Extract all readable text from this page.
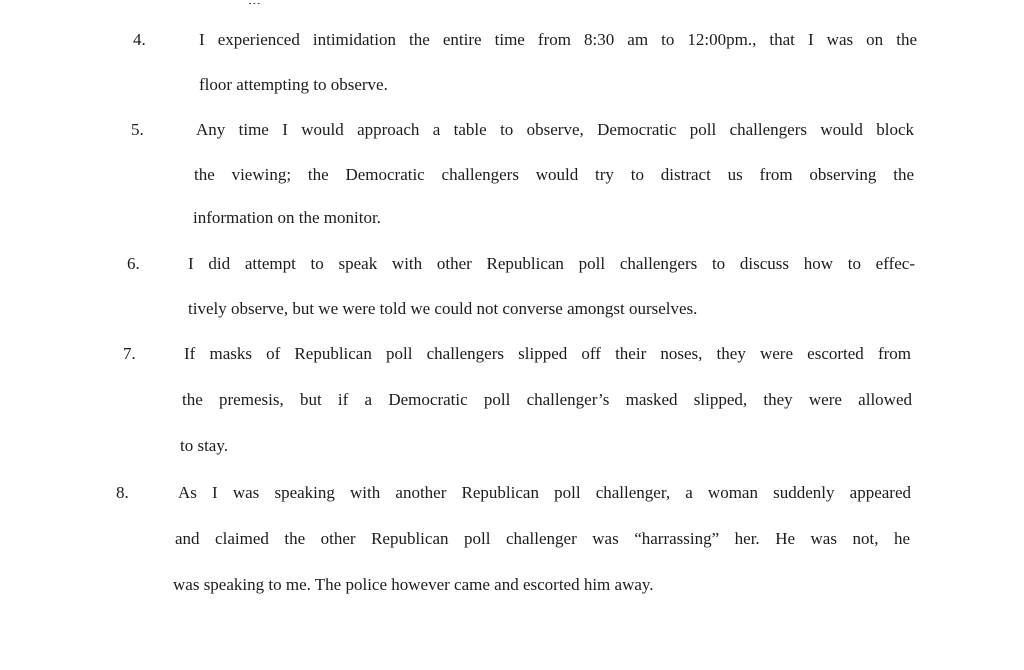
4.	I experienced intimidation the entire time from 8:30 am to 12:00pm., that I was on the
floor attempting to observe.
5.	Any time I would approach a table to observe, Democratic poll challengers would block
the viewing; the Democratic challengers would try to distract us from observing the
information on the monitor.
6.	I did attempt to speak with other Republican poll challengers to discuss how to effec-
tively observe, but we were told we could not converse amongst ourselves.
7.	If masks of Republican poll challengers slipped off their noses, they were escorted from
the premesis, but if a Democratic poll challenger’s masked slipped, they were allowed
to stay.
8.	As I was speaking with another Republican poll challenger, a woman suddenly appeared
and claimed the other Republican poll challenger was “harrassing” her. He was not, he
was speaking to me. The police however came and escorted him away.
